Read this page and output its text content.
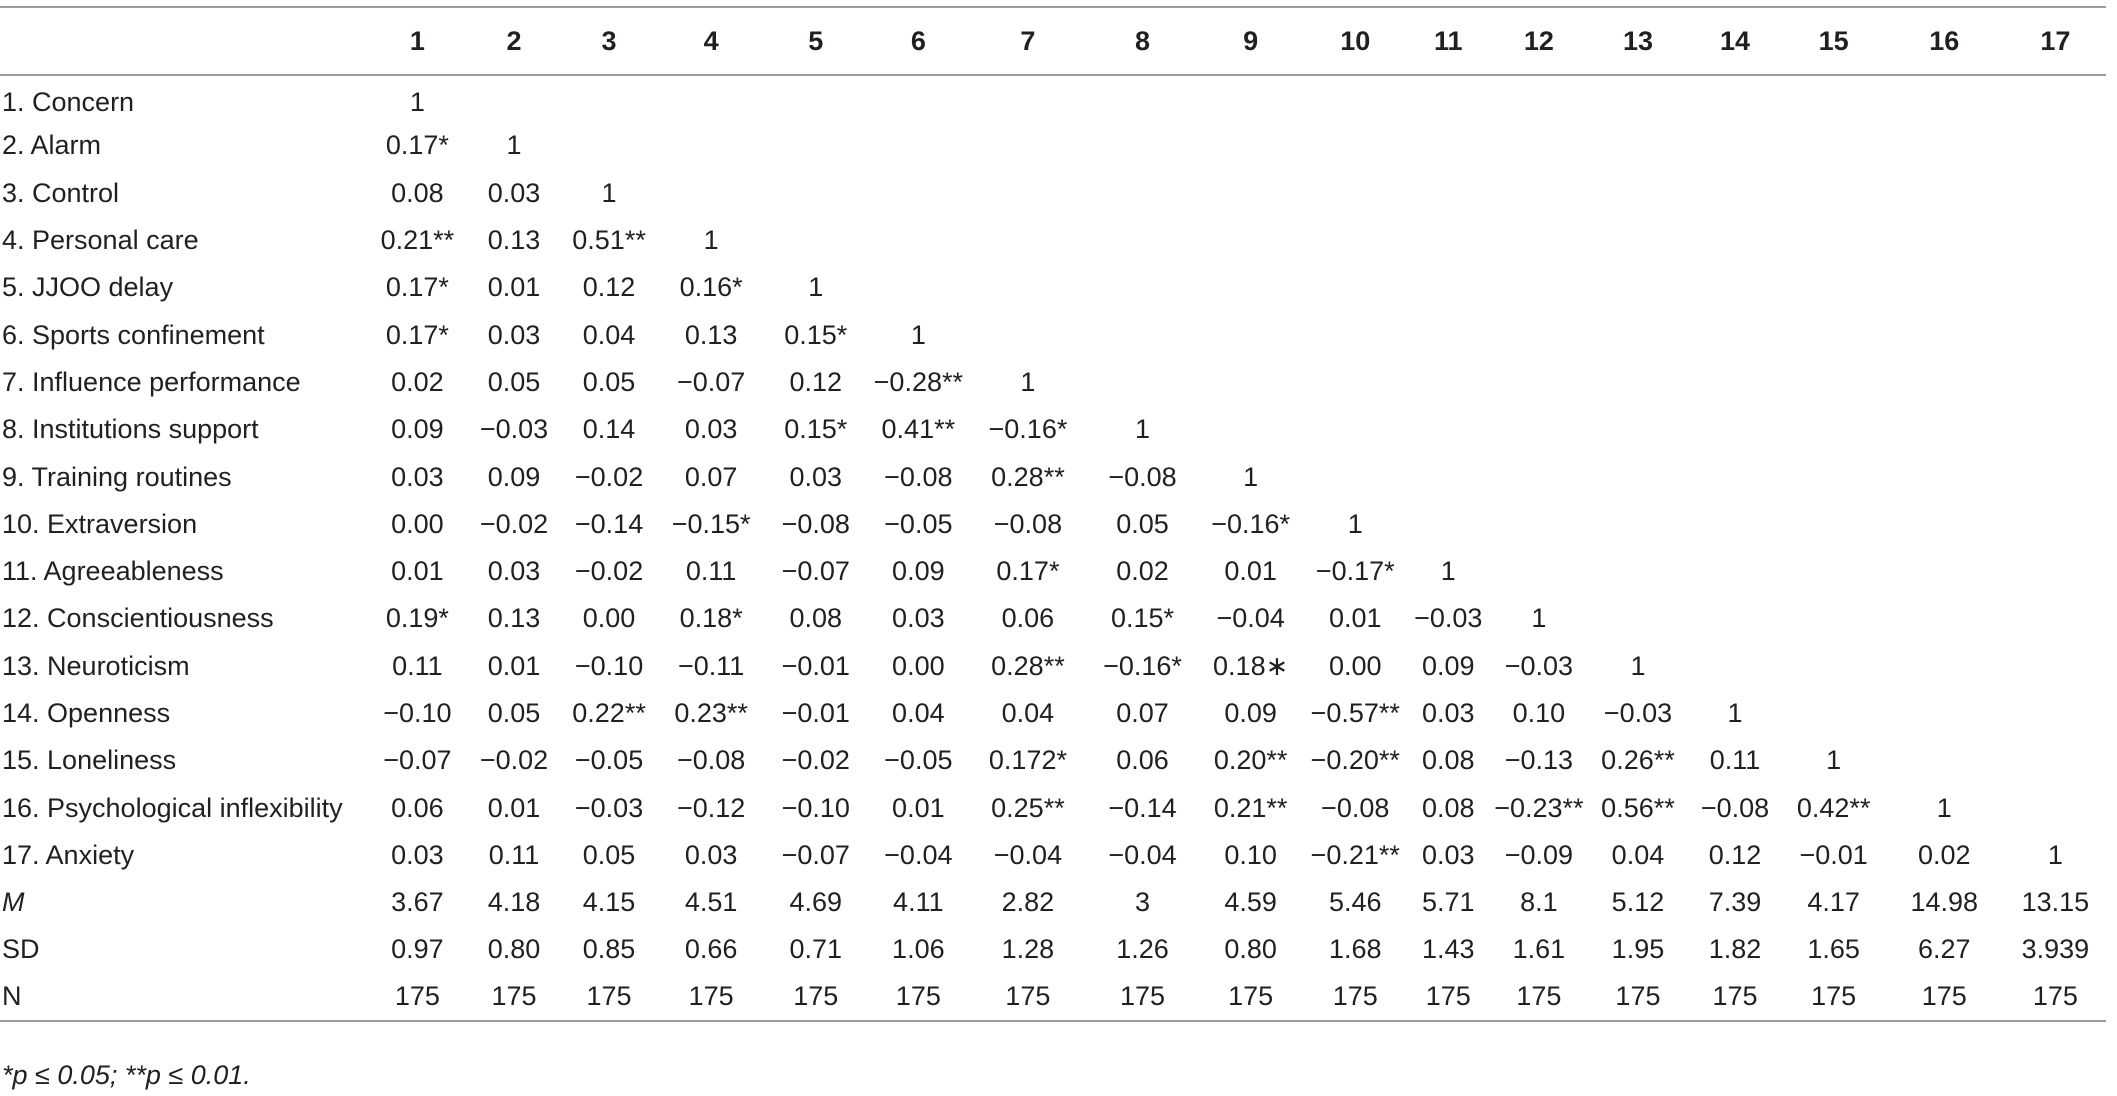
	1	2	3	4	5	6	7	8	9	10	11	12	13	14	15	16	17
1. Concern	1																
2. Alarm	0.17*	1															
3. Control	0.08	0.03	1														
4. Personal care	0.21**	0.13	0.51**	1													
5. JJOO delay	0.17*	0.01	0.12	0.16*	1												
6. Sports confinement	0.17*	0.03	0.04	0.13	0.15*	1											
7. Influence performance	0.02	0.05	0.05	−0.07	0.12	−0.28**	1										
8. Institutions support	0.09	−0.03	0.14	0.03	0.15*	0.41**	−0.16*	1									
9. Training routines	0.03	0.09	−0.02	0.07	0.03	−0.08	0.28**	−0.08	1								
10. Extraversion	0.00	−0.02	−0.14	−0.15*	−0.08	−0.05	−0.08	0.05	−0.16*	1							
11. Agreeableness	0.01	0.03	−0.02	0.11	−0.07	0.09	0.17*	0.02	0.01	−0.17*	1						
12. Conscientiousness	0.19*	0.13	0.00	0.18*	0.08	0.03	0.06	0.15*	−0.04	0.01	−0.03	1					
13. Neuroticism	0.11	0.01	−0.10	−0.11	−0.01	0.00	0.28**	−0.16*	0.18∗	0.00	0.09	−0.03	1				
14. Openness	−0.10	0.05	0.22**	0.23**	−0.01	0.04	0.04	0.07	0.09	−0.57**	0.03	0.10	−0.03	1			
15. Loneliness	−0.07	−0.02	−0.05	−0.08	−0.02	−0.05	0.172*	0.06	0.20**	−0.20**	0.08	−0.13	0.26**	0.11	1		
16. Psychological inflexibility	0.06	0.01	−0.03	−0.12	−0.10	0.01	0.25**	−0.14	0.21**	−0.08	0.08	−0.23**	0.56**	−0.08	0.42**	1	
17. Anxiety	0.03	0.11	0.05	0.03	−0.07	−0.04	−0.04	−0.04	0.10	−0.21**	0.03	−0.09	0.04	0.12	−0.01	0.02	1
M	3.67	4.18	4.15	4.51	4.69	4.11	2.82	3	4.59	5.46	5.71	8.1	5.12	7.39	4.17	14.98	13.15
SD	0.97	0.80	0.85	0.66	0.71	1.06	1.28	1.26	0.80	1.68	1.43	1.61	1.95	1.82	1.65	6.27	3.939
N	175	175	175	175	175	175	175	175	175	175	175	175	175	175	175	175	175
*p ≤ 0.05; **p ≤ 0.01.
